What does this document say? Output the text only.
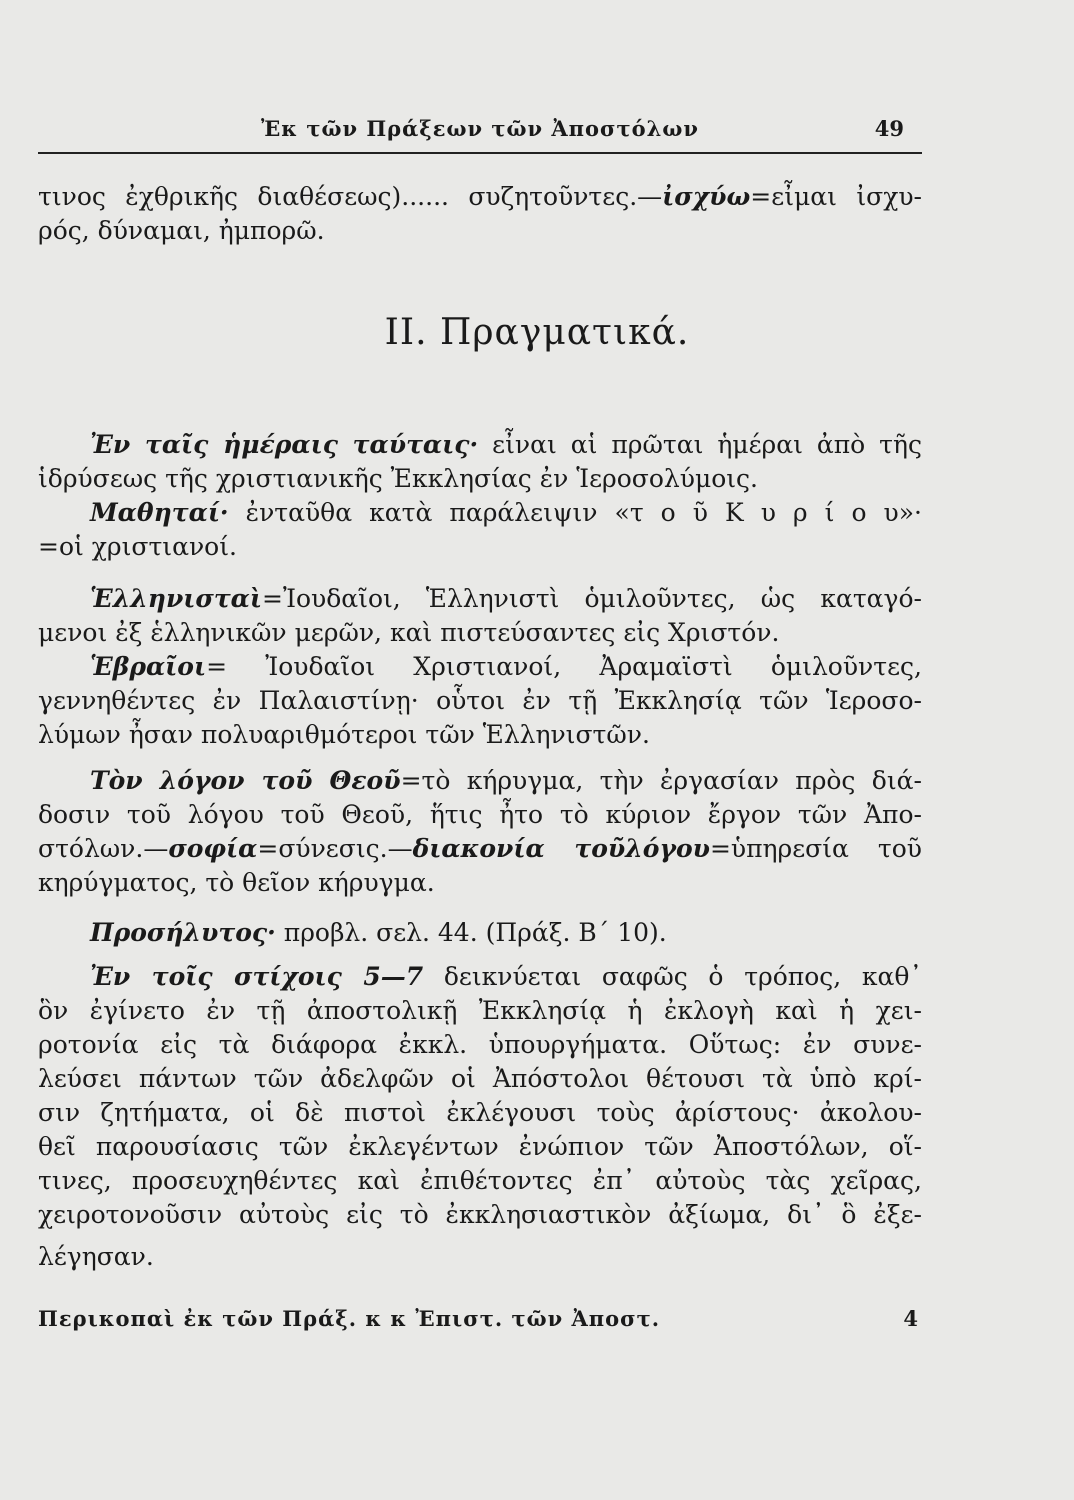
Ἐκ τῶν Πράξεων τῶν Ἀποστόλων	49
τινος ἐχθρικῆς διαθέσεως)...... συζητοῦντες.—ἰσχύω=εἶμαι ἰσχυ-
ρός, δύναμαι, ἠμπορῶ.
II. Πραγματικά.
Ἐν ταῖς ἡμέραις ταύταις· εἶναι αἱ πρῶται ἡμέραι ἀπὸ τῆς
ἱδρύσεως τῆς χριστιανικῆς Ἐκκλησίας ἐν Ἱεροσολύμοις.
Μαθηταί· ἐνταῦθα κατὰ παράλειψιν «τ ο ῦ Κ υ ρ ί ο υ»·
=οἱ χριστιανοί.
Ἑλληνισταὶ=Ἰουδαῖοι, Ἑλληνιστὶ ὁμιλοῦντες, ὡς καταγό-
μενοι ἐξ ἑλληνικῶν μερῶν, καὶ πιστεύσαντες εἰς Χριστόν.
Ἑβραῖοι= Ἰουδαῖοι Χριστιανοί, Ἀραμαϊστὶ ὁμιλοῦντες,
γεννηθέντες ἐν Παλαιστίνῃ· οὗτοι ἐν τῇ Ἐκκλησίᾳ τῶν Ἱεροσο-
λύμων ἦσαν πολυαριθμότεροι τῶν Ἑλληνιστῶν.
Τὸν λόγον τοῦ Θεοῦ=τὸ κήρυγμα, τὴν ἐργασίαν πρὸς διά-
δοσιν τοῦ λόγου τοῦ Θεοῦ, ἥτις ἦτο τὸ κύριον ἔργον τῶν Ἀπο-
στόλων.—σοφία=σύνεσις.—διακονία τοῦλόγου=ὑπηρεσία τοῦ
κηρύγματος, τὸ θεῖον κήρυγμα.
Προσήλυτος· προβλ. σελ. 44. (Πράξ. Β΄ 10).
Ἐν τοῖς στίχοις 5—7 δεικνύεται σαφῶς ὁ τρόπος, καθ᾽
ὃν ἐγίνετο ἐν τῇ ἀποστολικῇ Ἐκκλησίᾳ ἡ ἐκλογὴ καὶ ἡ χει-
ροτονία εἰς τὰ διάφορα ἐκκλ. ὑπουργήματα. Οὕτως: ἐν συνε-
λεύσει πάντων τῶν ἀδελφῶν οἱ Ἀπόστολοι θέτουσι τὰ ὑπὸ κρί-
σιν ζητήματα, οἱ δὲ πιστοὶ ἐκλέγουσι τοὺς ἀρίστους· ἀκολου-
θεῖ παρουσίασις τῶν ἐκλεγέντων ἐνώπιον τῶν Ἀποστόλων, οἵ-
τινες, προσευχηθέντες καὶ ἐπιθέτοντες ἐπ᾽ αὐτοὺς τὰς χεῖρας,
χειροτονοῦσιν αὐτοὺς εἰς τὸ ἐκκλησιαστικὸν ἀξίωμα, δι᾽ ὃ ἐξε-
λέγησαν.
Περικοπαὶ ἐκ τῶν Πράξ. κ κ Ἐπιστ. τῶν Ἀποστ.	4
